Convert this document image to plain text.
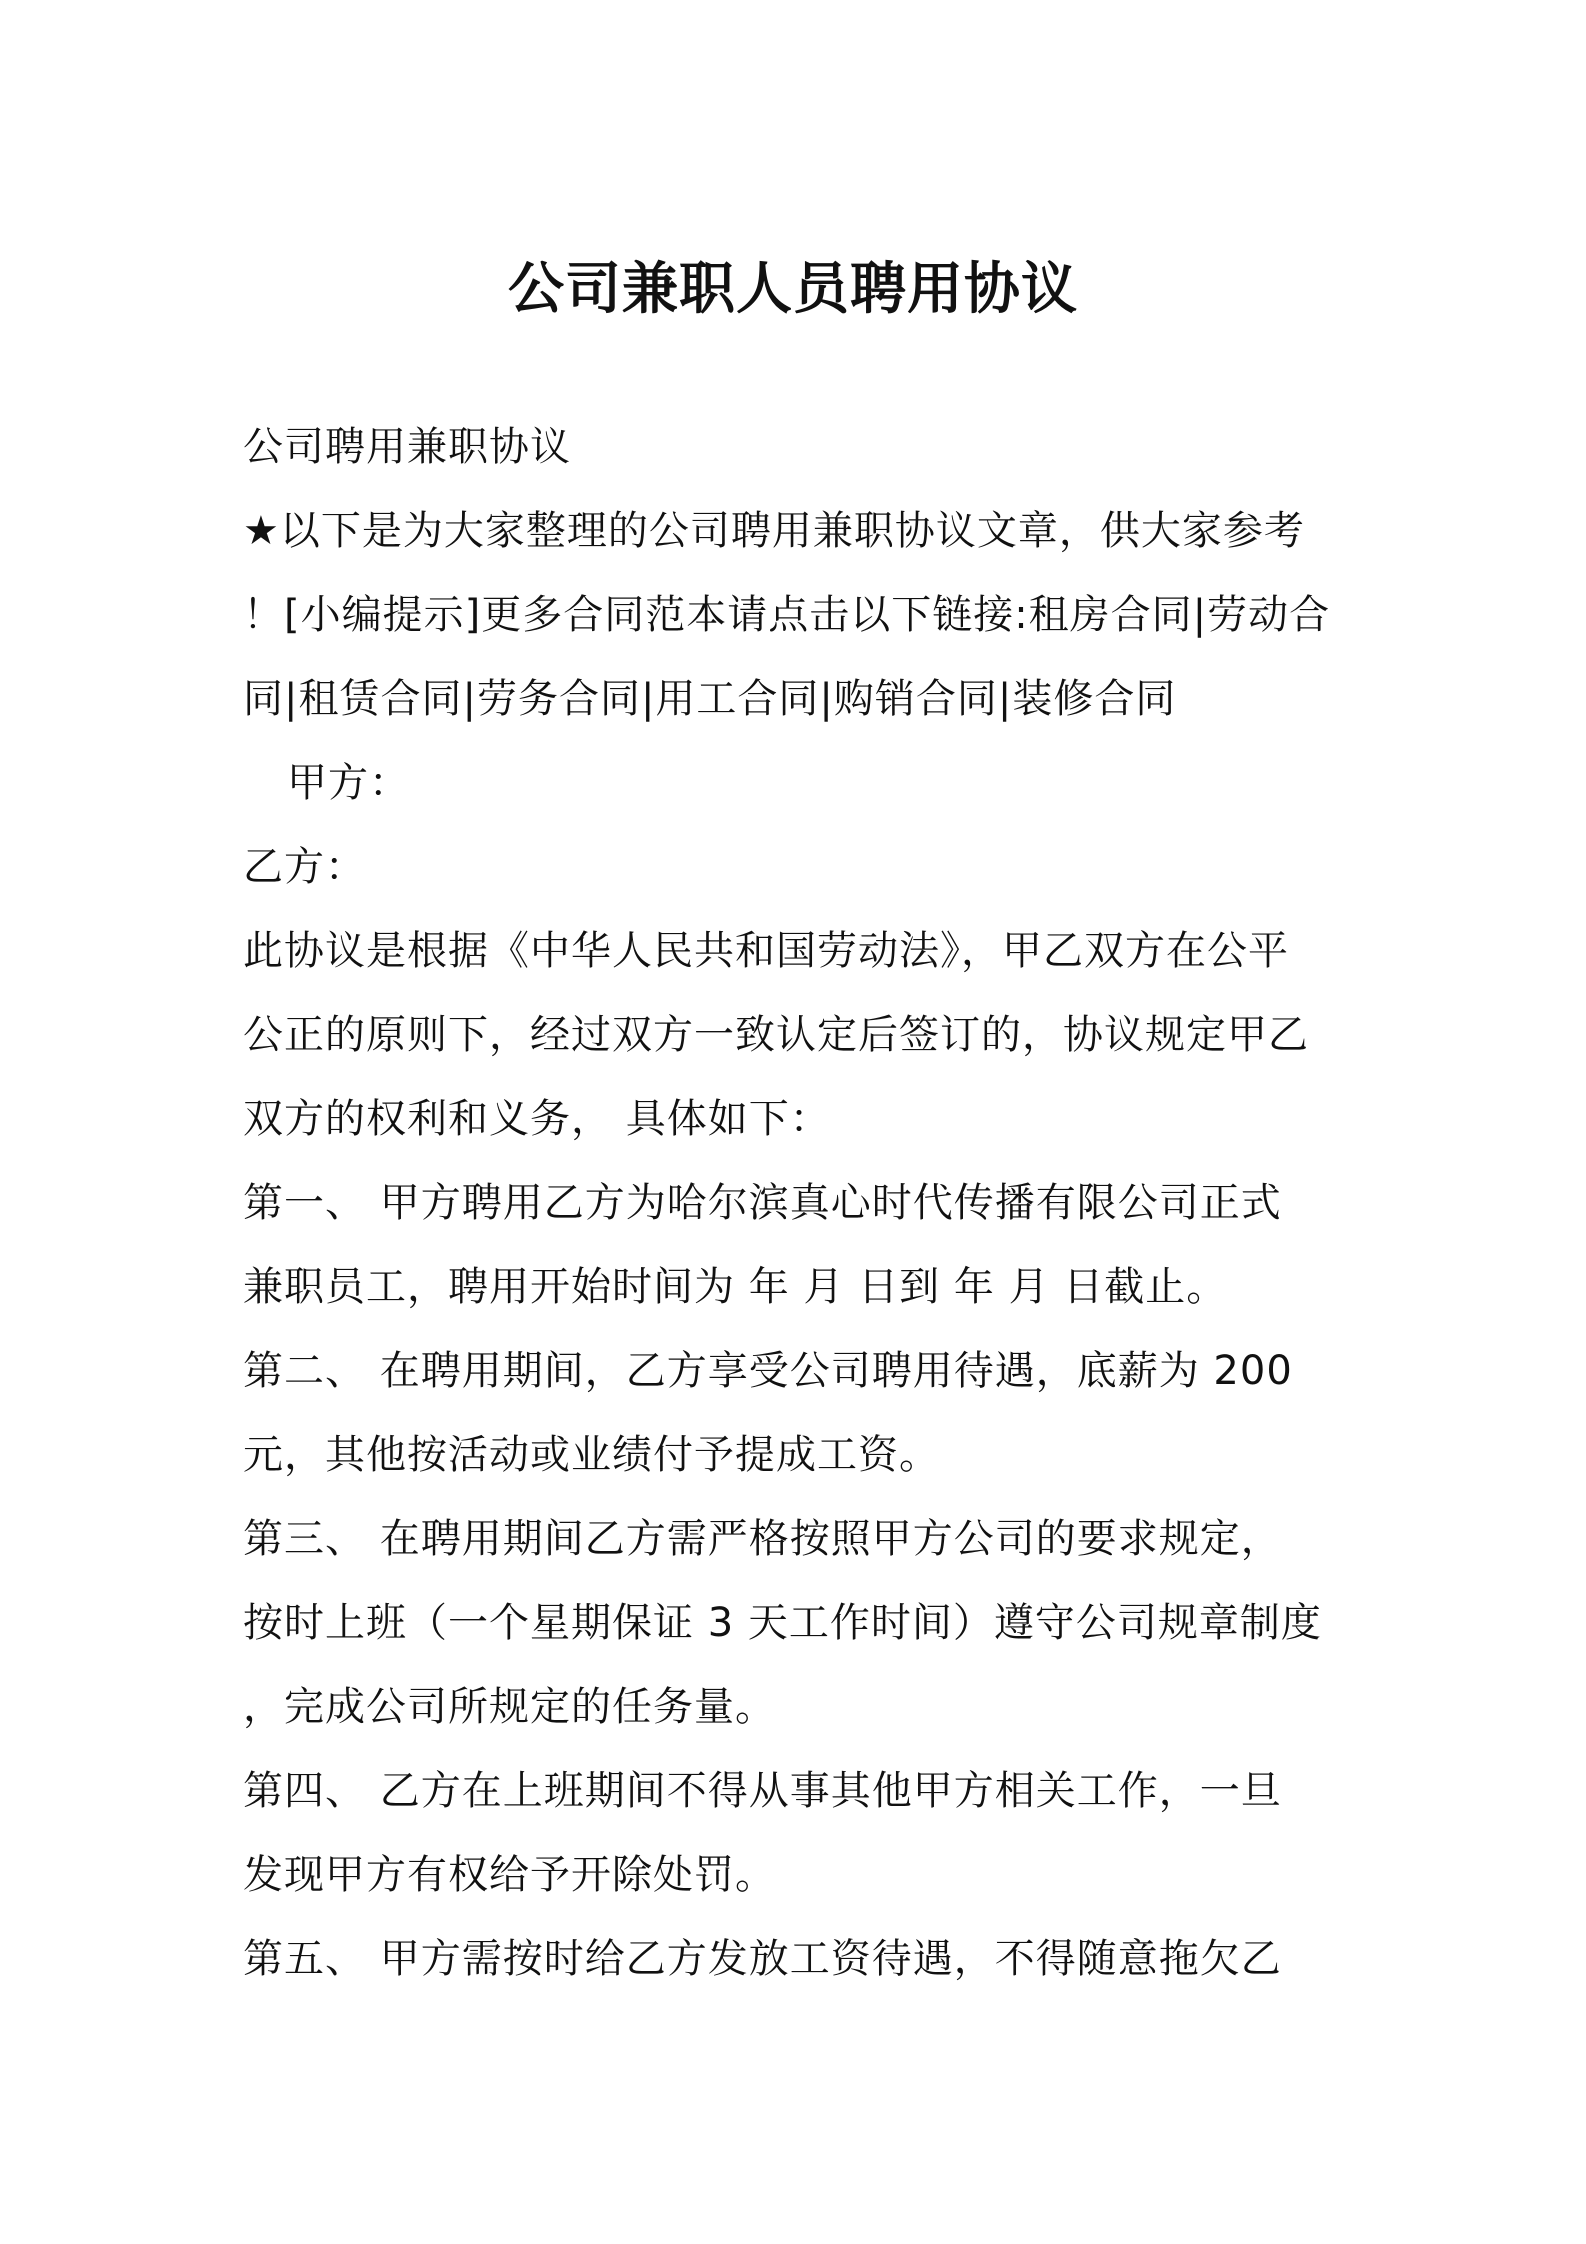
公司兼职人员聘用协议
公司聘用兼职协议
★以下是为大家整理的公司聘用兼职协议文章，供大家参考
！[小编提示]更多合同范本请点击以下链接:租房合同|劳动合
同|租赁合同|劳务合同|用工合同|购销合同|装修合同
甲方：
乙方：
此协议是根据《中华人民共和国劳动法》，甲乙双方在公平
公正的原则下，经过双方一致认定后签订的，协议规定甲乙
双方的权利和义务， 具体如下：
第一、 甲方聘用乙方为哈尔滨真心时代传播有限公司正式
兼职员工，聘用开始时间为 年 月 日到 年 月 日截止。
第二、 在聘用期间，乙方享受公司聘用待遇，底薪为 200
元，其他按活动或业绩付予提成工资。
第三、 在聘用期间乙方需严格按照甲方公司的要求规定，
按时上班（一个星期保证 3 天工作时间）遵守公司规章制度
，完成公司所规定的任务量。
第四、 乙方在上班期间不得从事其他甲方相关工作，一旦
发现甲方有权给予开除处罚。
第五、 甲方需按时给乙方发放工资待遇，不得随意拖欠乙
